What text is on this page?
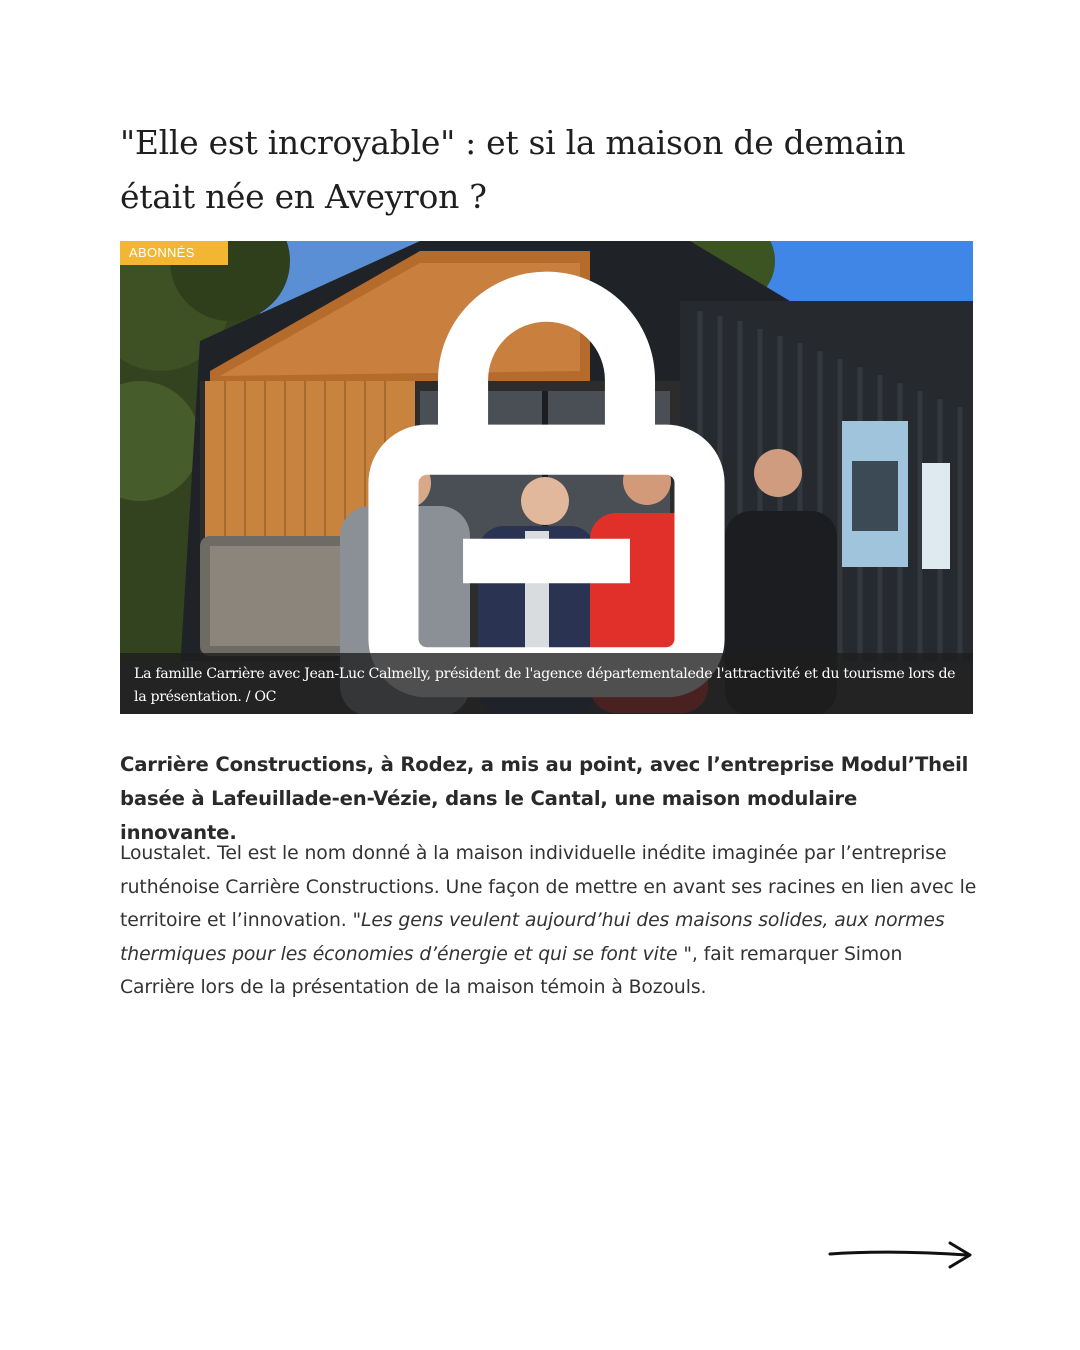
"Elle est incroyable" : et si la maison de demain était née en Aveyron ?
ABONNÉS
La famille Carrière avec Jean-Luc Calmelly, président de l'agence départementalede l'attractivité et du tourisme lors de la présentation. / OC

Carrière Constructions, à Rodez, a mis au point, avec l’entreprise Modul’Theil basée à Lafeuillade-en-Vézie, dans le Cantal, une maison modulaire innovante.

Loustalet. Tel est le nom donné à la maison individuelle inédite imaginée par l’entreprise ruthénoise Carrière Constructions. Une façon de mettre en avant ses racines en lien avec le territoire et l’innovation. "Les gens veulent aujourd’hui des maisons solides, aux normes thermiques pour les économies d’énergie et qui se font vite ", fait remarquer Simon Carrière lors de la présentation de la maison témoin à Bozouls.
